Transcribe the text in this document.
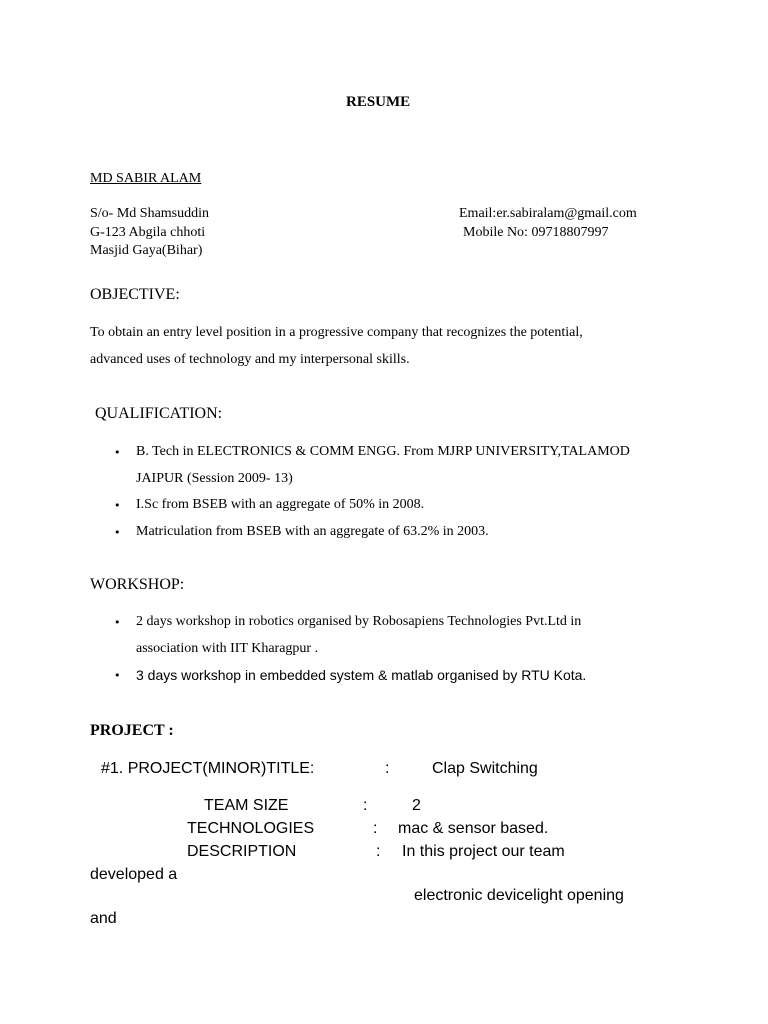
RESUME
MD SABIR ALAM
S/o- Md Shamsuddin
G-123 Abgila chhoti
Masjid Gaya(Bihar)
Email:er.sabiralam@gmail.com
Mobile No: 09718807997
OBJECTIVE:
To obtain an entry level position in a progressive company that recognizes the potential,
advanced uses of technology and my interpersonal skills.
QUALIFICATION:
• B. Tech in ELECTRONICS & COMM ENGG. From MJRP UNIVERSITY,TALAMOD
JAIPUR (Session 2009- 13)
• I.Sc from BSEB with an aggregate of 50% in 2008.
• Matriculation from BSEB with an aggregate of 63.2% in 2003.
WORKSHOP:
• 2 days workshop in robotics organised by Robosapiens Technologies Pvt.Ltd in
association with IIT Kharagpur .
• 3 days workshop in embedded system & matlab organised by RTU Kota.
PROJECT :
#1. PROJECT(MINOR)TITLE:	:	Clap Switching
TEAM SIZE	:	2
TECHNOLOGIES	: mac & sensor based.
DESCRIPTION	: In this project our team
developed a
electronic devicelight opening
and
